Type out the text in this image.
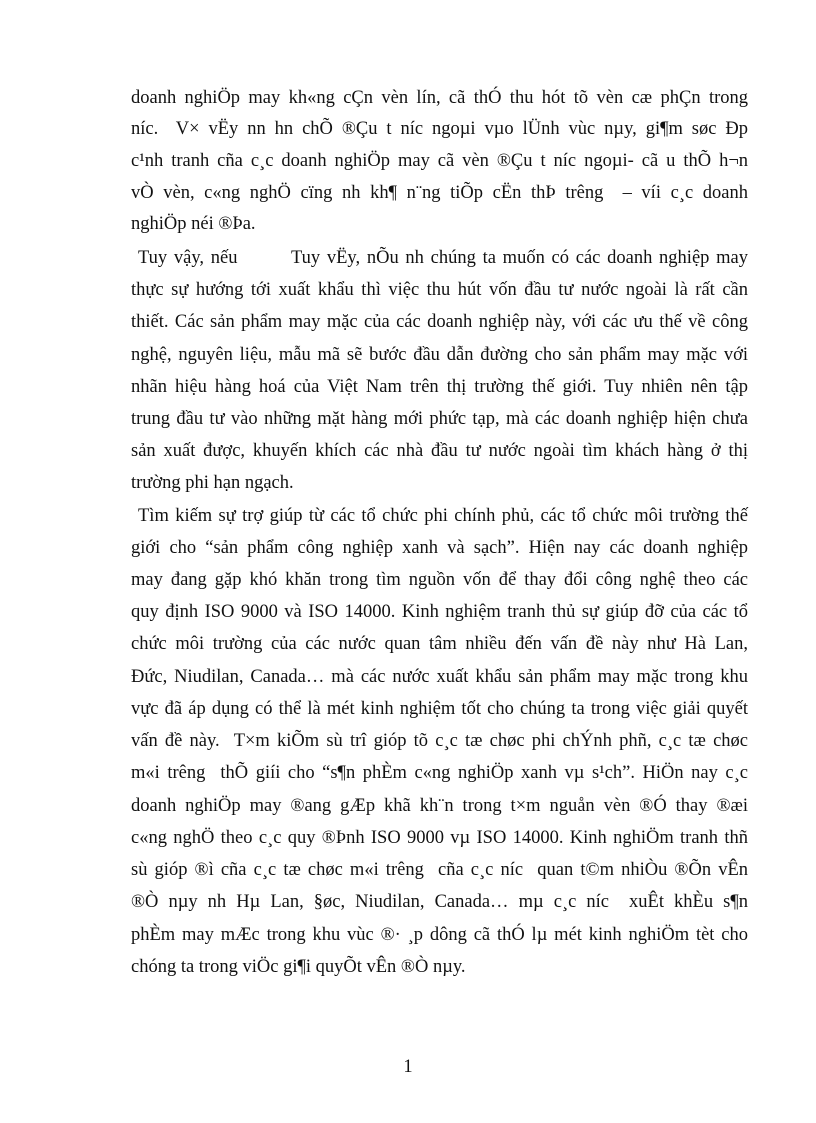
doanh nghiÖp may kh«ng cÇn vèn lín, cã thÓ thu hót tõ vèn cæ phÇn trong
níc.  V× vËy nn hn chÕ ®Çu t níc ngoµi vµo lÜnh vùc nµy, gi¶m søc Ðp
c¹nh tranh cña c¸c doanh nghiÖp may cã vèn ®Çu t níc ngoµi- cã u thÕ h¬n
vÒ vèn, c«ng nghÖ cïng nh kh¶ n¨ng tiÕp cËn thÞ trêng  – víi c¸c doanh
nghiÖp néi ®Þa.
Tuy vậy, nếu        Tuy vËy, nÕu nh chúng ta muốn có các doanh nghiệp may
thực sự hướng tới xuất khẩu thì việc thu hút vốn đầu tư nước ngoài là rất cần
thiết. Các sản phẩm may mặc của các doanh nghiệp này, với các ưu thế về công
nghệ, nguyên liệu, mẫu mã sẽ bước đầu dẫn đường cho sản phẩm may mặc với
nhãn hiệu hàng hoá của Việt Nam trên thị trường thế giới. Tuy nhiên nên tập
trung đầu tư vào những mặt hàng mới phức tạp, mà các doanh nghiệp hiện chưa
sản xuất được, khuyến khích các nhà đầu tư nước ngoài tìm khách hàng ở thị
trường phi hạn ngạch.
Tìm kiếm sự trợ giúp từ các tổ chức phi chính phủ, các tổ chức môi trường thế
giới cho “sản phẩm công nghiệp xanh và sạch”. Hiện nay các doanh nghiệp
may đang gặp khó khăn trong tìm nguồn vốn để thay đổi công nghệ theo các
quy định ISO 9000 và ISO 14000. Kinh nghiệm tranh thủ sự giúp đỡ của các tổ
chức môi trường của các nước quan tâm nhiều đến vấn đề này như Hà Lan,
Đức, Niudilan, Canada… mà các nước xuất khẩu sản phẩm may mặc trong khu
vực đã áp dụng có thể là mét kinh nghiệm tốt cho chúng ta trong việc giải quyết
vấn đề này.  T×m kiÕm sù trî gióp tõ c¸c tæ chøc phi chÝnh phñ, c¸c tæ chøc
m«i trêng  thÕ giíi cho “s¶n phÈm c«ng nghiÖp xanh vµ s¹ch”. HiÖn nay c¸c
doanh nghiÖp may ®ang gÆp khã kh¨n trong t×m nguån vèn ®Ó thay ®æi
c«ng nghÖ theo c¸c quy ®Þnh ISO 9000 vµ ISO 14000. Kinh nghiÖm tranh thñ
sù gióp ®ì cña c¸c tæ chøc m«i trêng  cña c¸c níc  quan t©m nhiÒu ®Õn vÊn
®Ò nµy nh Hµ Lan, §øc, Niudilan, Canada… mµ c¸c níc  xuÊt khÈu s¶n
phÈm may mÆc trong khu vùc ®· ¸p dông cã thÓ lµ mét kinh nghiÖm tèt cho
chóng ta trong viÖc gi¶i quyÕt vÊn ®Ò nµy.
1
